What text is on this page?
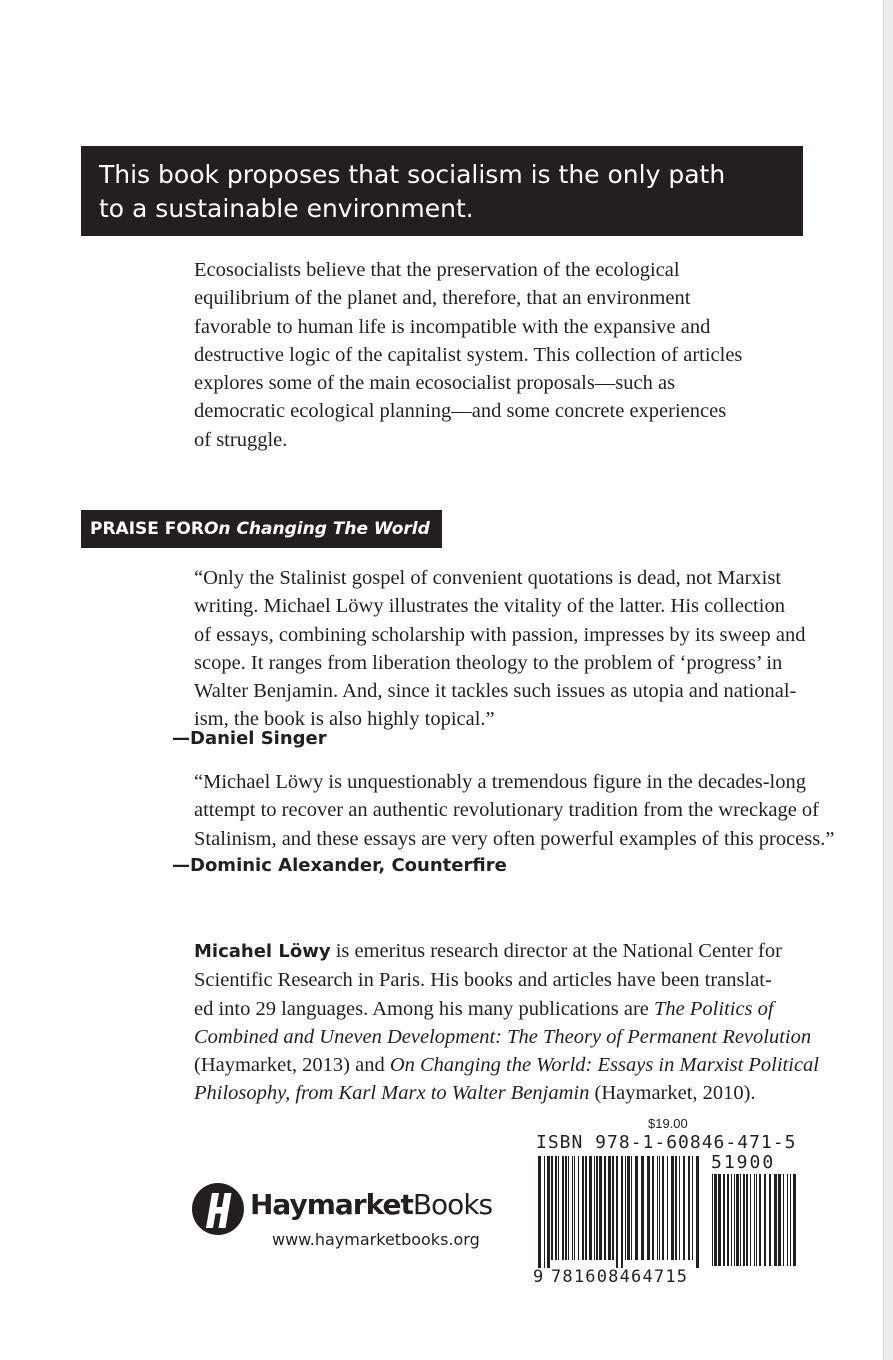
This book proposes that socialism is the only path
to a sustainable environment.
Ecosocialists believe that the preservation of the ecological
equilibrium of the planet and, therefore, that an environment
favorable to human life is incompatible with the expansive and
destructive logic of the capitalist system. This collection of articles
explores some of the main ecosocialist proposals—such as
democratic ecological planning—and some concrete experiences
of struggle.
PRAISE FOR On Changing The World
“Only the Stalinist gospel of convenient quotations is dead, not Marxist
writing. Michael Löwy illustrates the vitality of the latter. His collection
of essays, combining scholarship with passion, impresses by its sweep and
scope. It ranges from liberation theology to the problem of ‘progress’ in
Walter Benjamin. And, since it tackles such issues as utopia and national-
ism, the book is also highly topical.”
—Daniel Singer
“Michael Löwy is unquestionably a tremendous figure in the decades-long
attempt to recover an authentic revolutionary tradition from the wreckage of
Stalinism, and these essays are very often powerful examples of this process.”
—Dominic Alexander, Counterfire
Micahel Löwy is emeritus research director at the National Center for
Scientific Research in Paris. His books and articles have been translat-
ed into 29 languages. Among his many publications are The Politics of
Combined and Uneven Development: The Theory of Permanent Revolution
(Haymarket, 2013) and On Changing the World: Essays in Marxist Political
Philosophy, from Karl Marx to Walter Benjamin (Haymarket, 2010).
HaymarketBooks
www.haymarketbooks.org
$19.00
ISBN 978-1-60846-471-5
51900
9 781608464715
